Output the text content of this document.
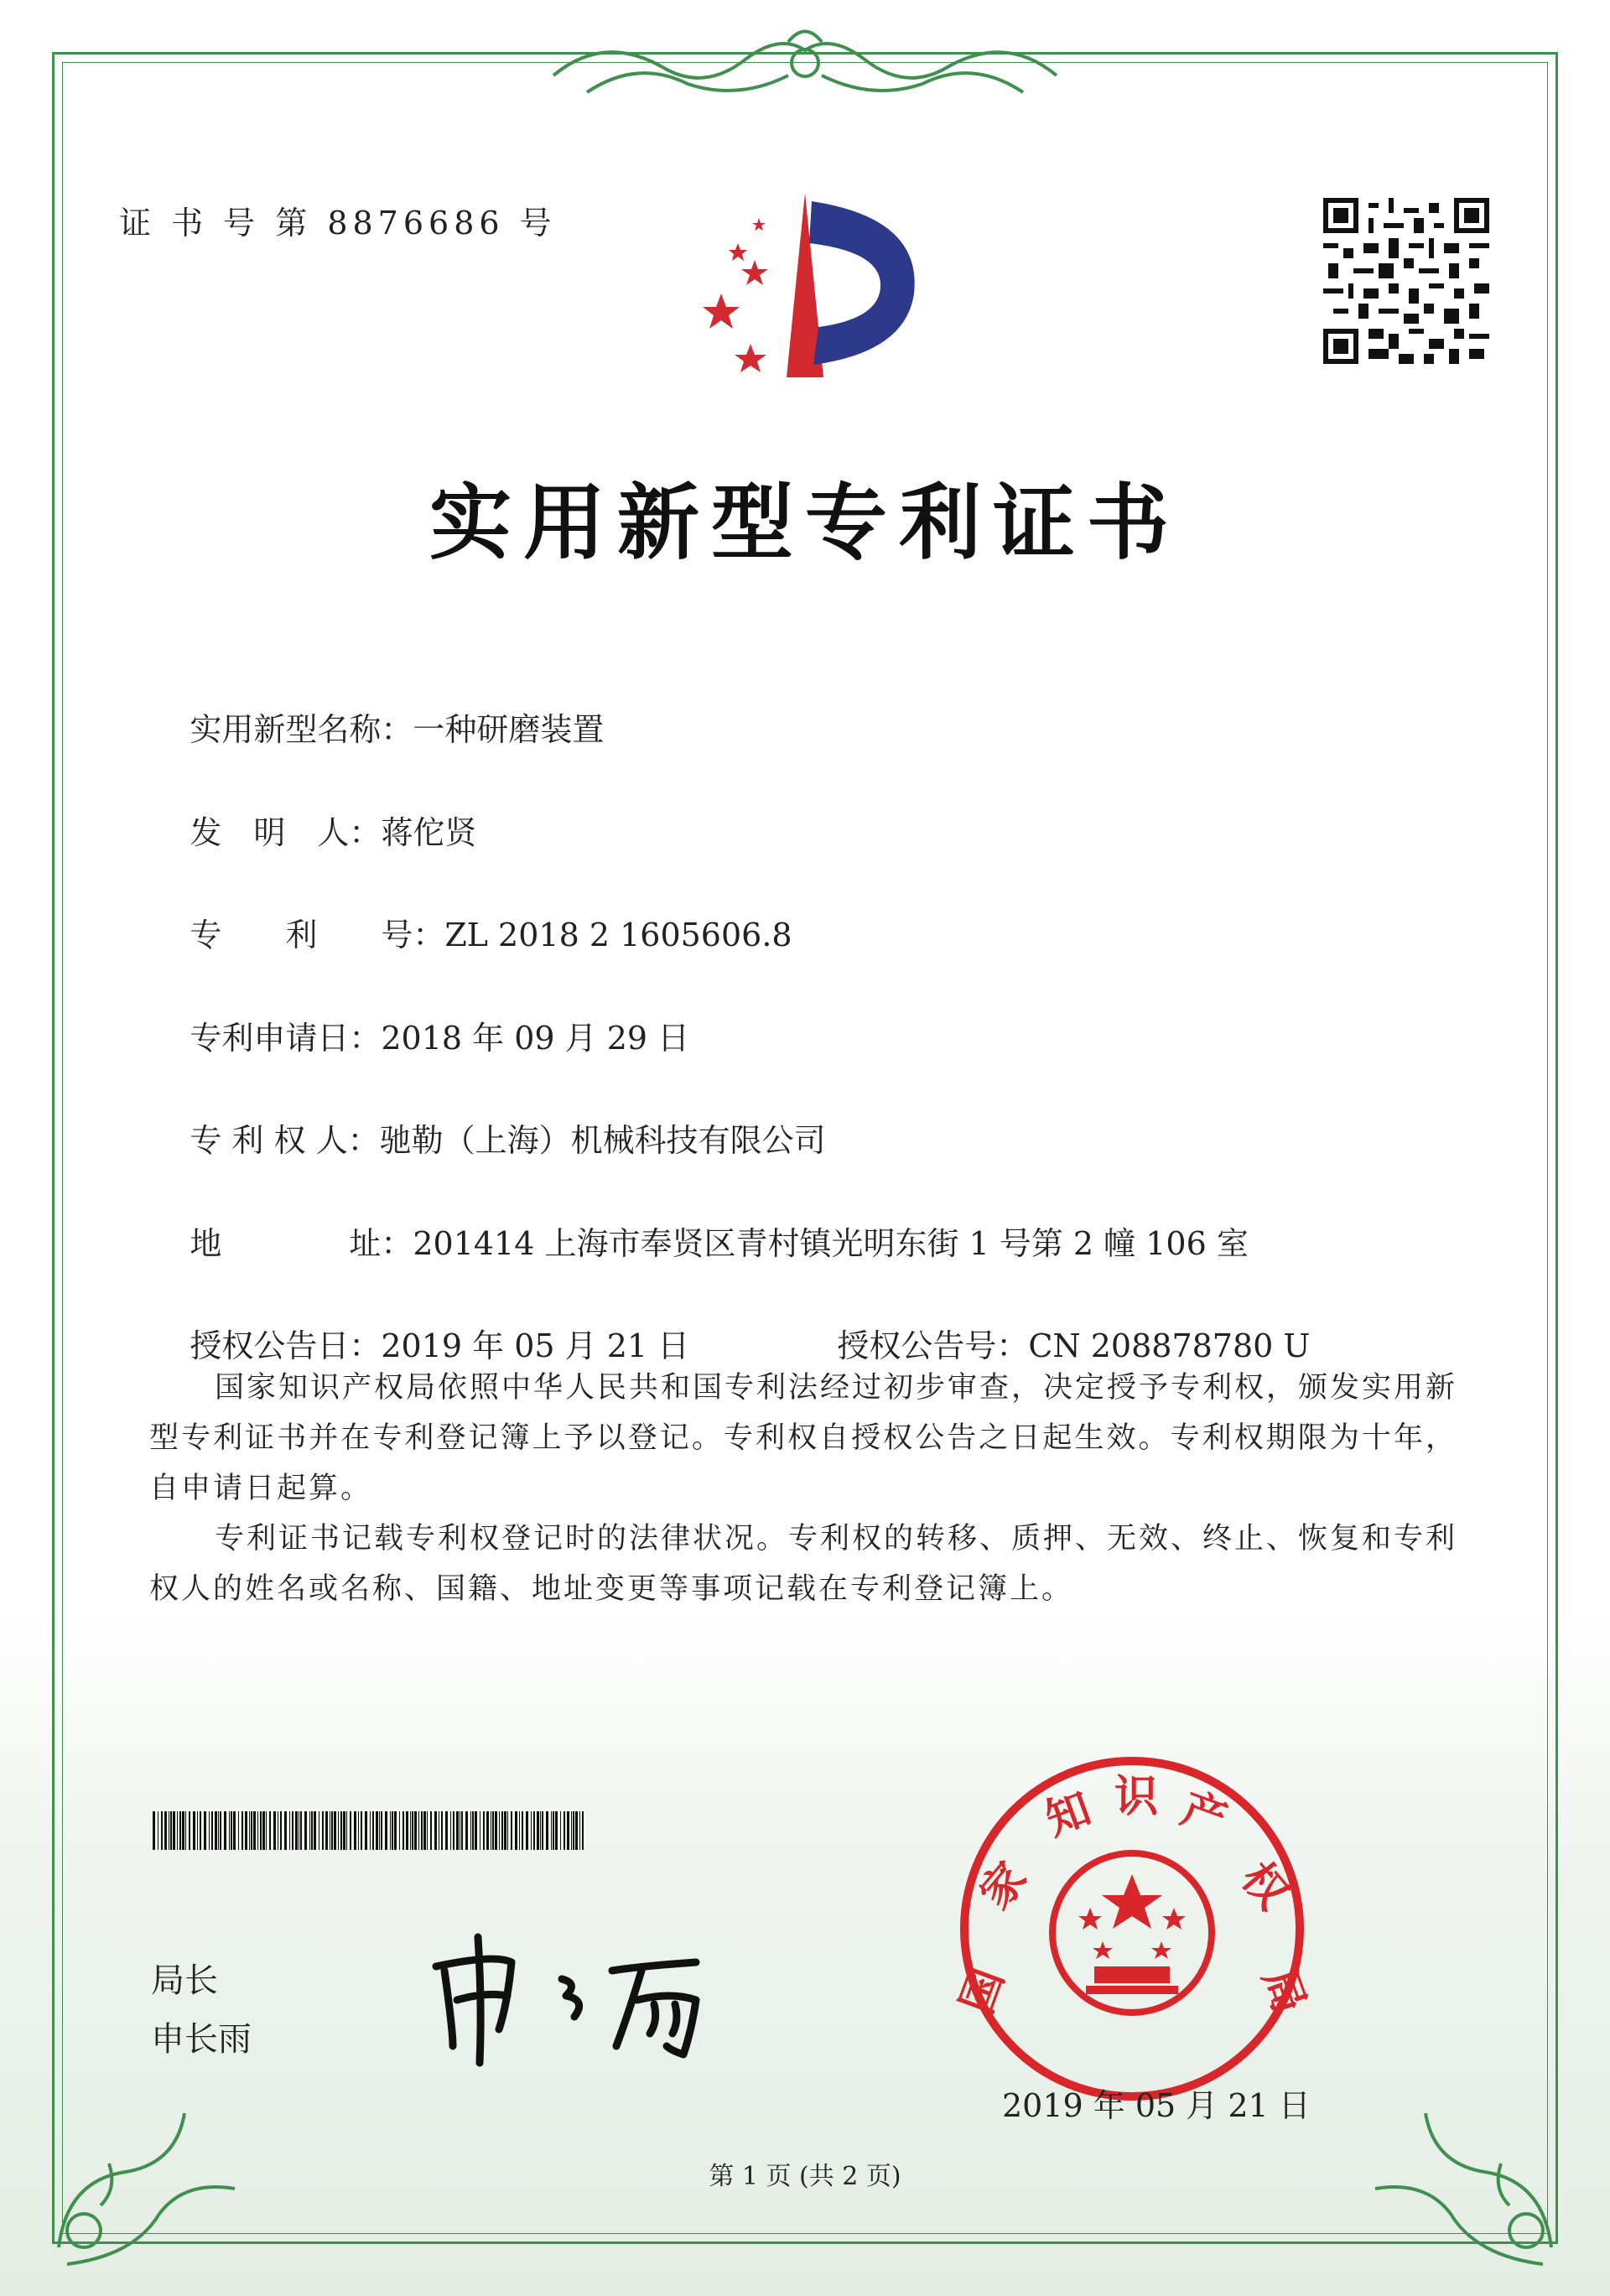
证 书 号 第 8876686 号
实用新型专利证书

实用新型名称：一种研磨装置

发　明　人：蒋佗贤

专　　利　　号：ZL 2018 2 1605606.8

专利申请日：2018 年 09 月 29 日

专 利 权 人：驰勒（上海）机械科技有限公司

地　　　　址：201414 上海市奉贤区青村镇光明东街 1 号第 2 幢 106 室

授权公告日：2019 年 05 月 21 日
	授权公告号：CN 208878780 U

国家知识产权局依照中华人民共和国专利法经过初步审查，决定授予专利权，颁发实用新型专利证书并在专利登记簿上予以登记。专利权自授权公告之日起生效。专利权期限为十年，自申请日起算。
专利证书记载专利权登记时的法律状况。专利权的转移、质押、无效、终止、恢复和专利权人的姓名或名称、国籍、地址变更等事项记载在专利登记簿上。
局长
申长雨
国
家
知 识 产
权
局
2019 年 05 月 21 日
第 1 页 (共 2 页)
